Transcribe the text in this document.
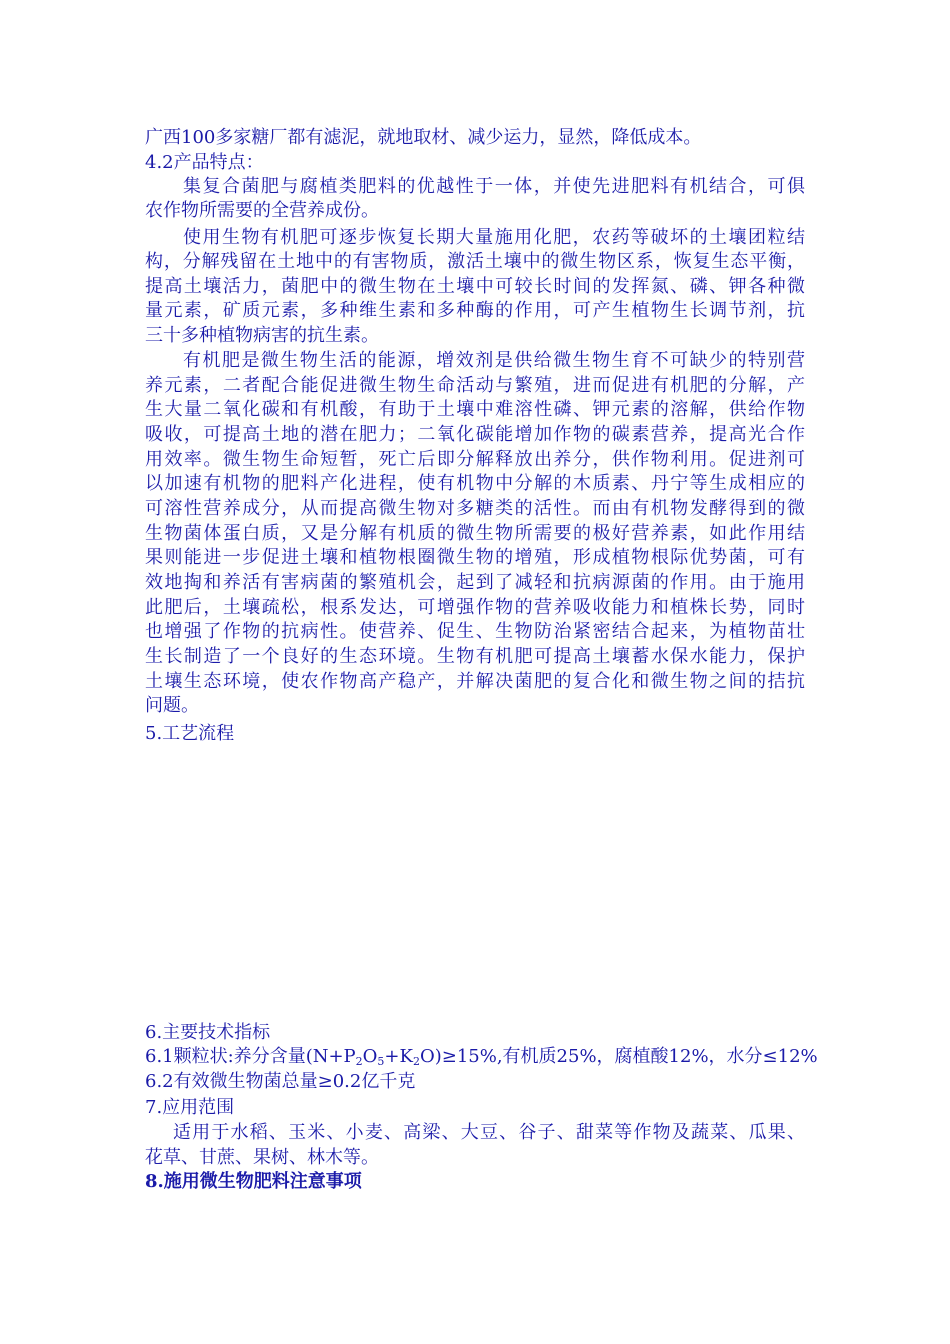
广西100多家糖厂都有滤泥，就地取材、减少运力，显然，降低成本。
4.2产品特点：
集复合菌肥与腐植类肥料的优越性于一体，并使先进肥料有机结合，可俱
农作物所需要的全营养成份。
使用生物有机肥可逐步恢复长期大量施用化肥，农药等破坏的土壤团粒结
构，分解残留在土地中的有害物质，激活土壤中的微生物区系，恢复生态平衡，
提高土壤活力，菌肥中的微生物在土壤中可较长时间的发挥氮、磷、钾各种微
量元素，矿质元素，多种维生素和多种酶的作用，可产生植物生长调节剂，抗
三十多种植物病害的抗生素。
有机肥是微生物生活的能源，增效剂是供给微生物生育不可缺少的特别营
养元素，二者配合能促进微生物生命活动与繁殖，进而促进有机肥的分解，产
生大量二氧化碳和有机酸，有助于土壤中难溶性磷、钾元素的溶解，供给作物
吸收，可提高土地的潜在肥力；二氧化碳能增加作物的碳素营养，提高光合作
用效率。微生物生命短暂，死亡后即分解释放出养分，供作物利用。促进剂可
以加速有机物的肥料产化进程，使有机物中分解的木质素、丹宁等生成相应的
可溶性营养成分，从而提高微生物对多糖类的活性。而由有机物发酵得到的微
生物菌体蛋白质，又是分解有机质的微生物所需要的极好营养素，如此作用结
果则能进一步促进土壤和植物根圈微生物的增殖，形成植物根际优势菌，可有
效地掏和养活有害病菌的繁殖机会，起到了减轻和抗病源菌的作用。由于施用
此肥后，土壤疏松，根系发达，可增强作物的营养吸收能力和植株长势，同时
也增强了作物的抗病性。使营养、促生、生物防治紧密结合起来，为植物苗壮
生长制造了一个良好的生态环境。生物有机肥可提高土壤蓄水保水能力，保护
土壤生态环境，使农作物高产稳产，并解决菌肥的复合化和微生物之间的拮抗
问题。
5.工艺流程
6.主要技术指标
6.1颗粒状:养分含量$(N+P_2O_5+K_2O)\ge 15\%$,有机质25%，腐植酸12%，水分≤12%
6.2有效微生物菌总量≥0.2亿千克
7.应用范围
适用于水稻、玉米、小麦、高梁、大豆、谷子、甜菜等作物及蔬菜、瓜果、
花草、甘蔗、果树、林木等。
8.施用微生物肥料注意事项
